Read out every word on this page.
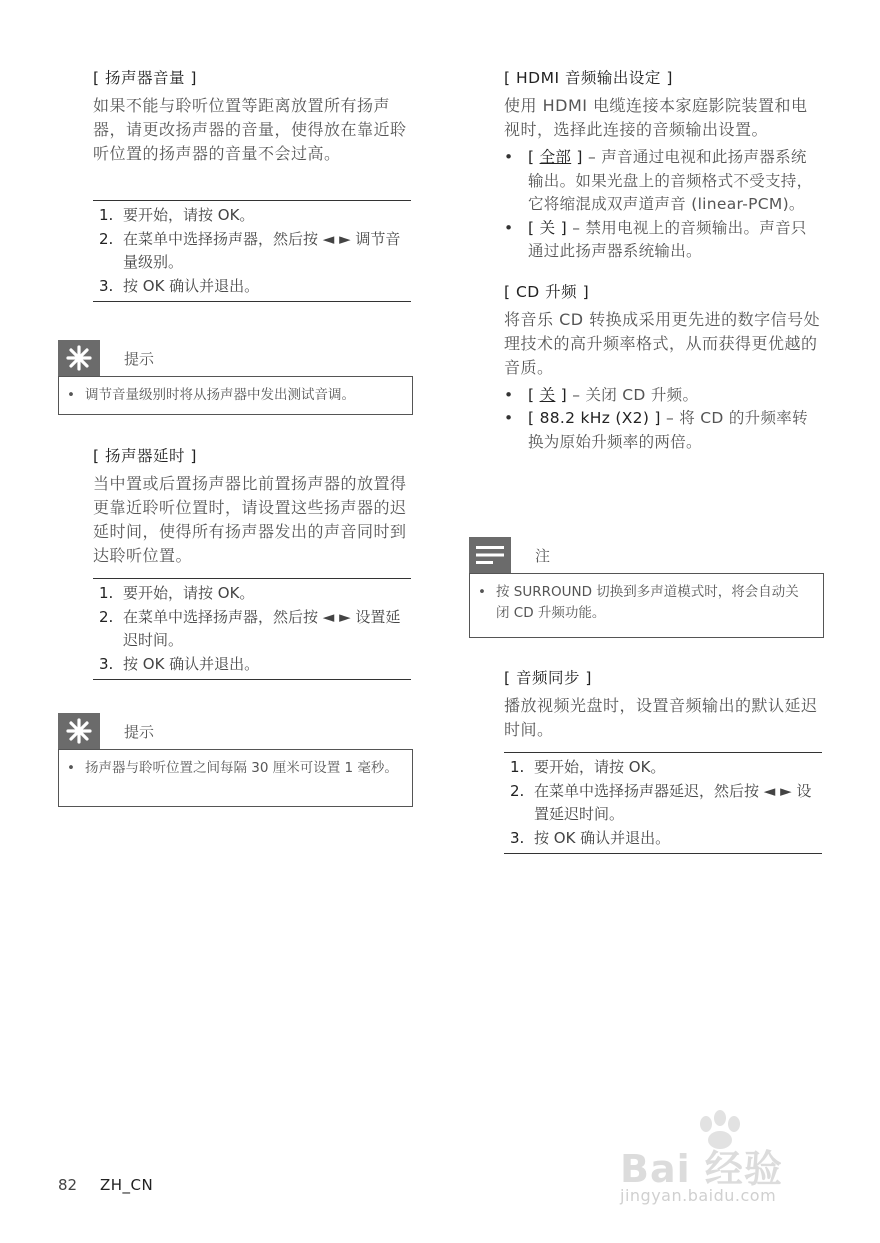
[ 扬声器音量 ]
如果不能与聆听位置等距离放置所有扬声器，请更改扬声器的音量，使得放在靠近聆听位置的扬声器的音量不会过高。
1. 要开始，请按 OK。
2. 在菜单中选择扬声器，然后按 ◄ ► 调节音量级别。
3. 按 OK 确认并退出。
提示
• 调节音量级别时将从扬声器中发出测试音调。
[ 扬声器延时 ]
当中置或后置扬声器比前置扬声器的放置得更靠近聆听位置时，请设置这些扬声器的迟延时间，使得所有扬声器发出的声音同时到达聆听位置。
1. 要开始，请按 OK。
2. 在菜单中选择扬声器，然后按 ◄ ► 设置延迟时间。
3. 按 OK 确认并退出。
提示
• 扬声器与聆听位置之间每隔 30 厘米可设置 1 毫秒。
[ HDMI 音频输出设定 ]
使用 HDMI 电缆连接本家庭影院装置和电视时，选择此连接的音频输出设置。
• [ 全部 ] – 声音通过电视和此扬声器系统输出。如果光盘上的音频格式不受支持，它将缩混成双声道声音 (linear-PCM)。
• [ 关 ] – 禁用电视上的音频输出。声音只通过此扬声器系统输出。
[ CD 升频 ]
将音乐 CD 转换成采用更先进的数字信号处理技术的高升频率格式，从而获得更优越的音质。
• [ 关 ] – 关闭 CD 升频。
• [ 88.2 kHz (X2) ] – 将 CD 的升频率转换为原始升频率的两倍。
注
• 按 SURROUND 切换到多声道模式时，将会自动关闭 CD 升频功能。
[ 音频同步 ]
播放视频光盘时，设置音频输出的默认延迟时间。
1. 要开始，请按 OK。
2. 在菜单中选择扬声器延迟，然后按 ◄ ► 设置延迟时间。
3. 按 OK 确认并退出。
82 ZH_CN	Bai 经验
jingyan.baidu.com
